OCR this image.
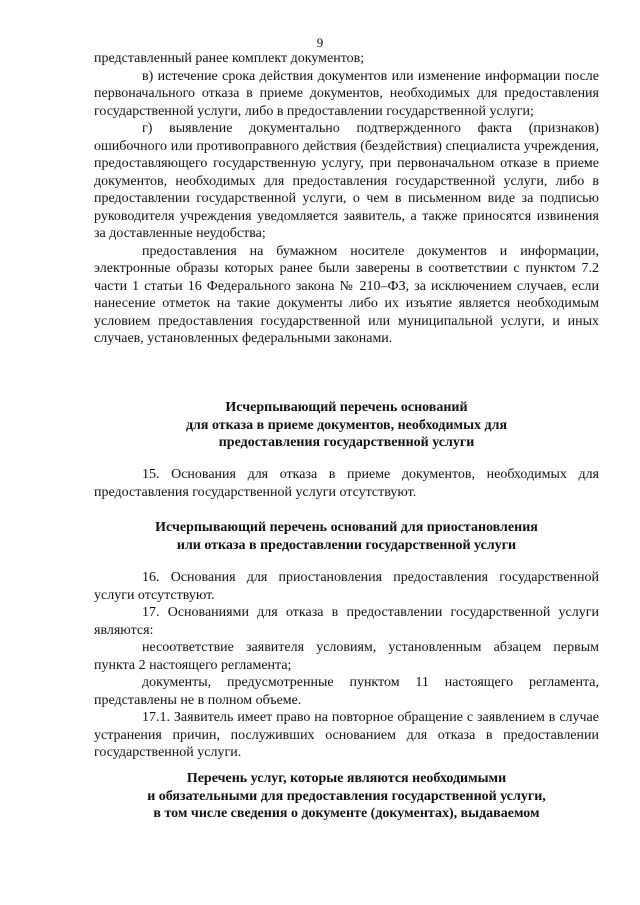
9

представленный ранее комплект документов;

в) истечение срока действия документов или изменение информации после первоначального отказа в приеме документов, необходимых для предоставления государственной услуги, либо в предоставлении государственной услуги;

г) выявление документально подтвержденного факта (признаков) ошибочного или противоправного действия (бездействия) специалиста учреждения, предоставляющего государственную услугу, при первоначальном отказе в приеме документов, необходимых для предоставления государственной услуги, либо в предоставлении государственной услуги, о чем в письменном виде за подписью руководителя учреждения уведомляется заявитель, а также приносятся извинения за доставленные неудобства;

предоставления на бумажном носителе документов и информации, электронные образы которых ранее были заверены в соответствии с пунктом 7.2 части 1 статьи 16 Федерального закона № 210–ФЗ, за исключением случаев, если нанесение отметок на такие документы либо их изъятие является необходимым условием предоставления государственной или муниципальной услуги, и иных случаев, установленных федеральными законами.

Исчерпывающий перечень оснований
для отказа в приеме документов, необходимых для
предоставления государственной услуги

15. Основания для отказа в приеме документов, необходимых для предоставления государственной услуги отсутствуют.

Исчерпывающий перечень оснований для приостановления
или отказа в предоставлении государственной услуги

16. Основания для приостановления предоставления государственной услуги отсутствуют.

17. Основаниями для отказа в предоставлении государственной услуги являются:

несоответствие заявителя условиям, установленным абзацем первым пункта 2 настоящего регламента;

документы, предусмотренные пунктом 11 настоящего регламента, представлены не в полном объеме.

17.1. Заявитель имеет право на повторное обращение с заявлением в случае устранения причин, послуживших основанием для отказа в предоставлении государственной услуги.

Перечень услуг, которые являются необходимыми
и обязательными для предоставления государственной услуги,
в том числе сведения о документе (документах), выдаваемом
